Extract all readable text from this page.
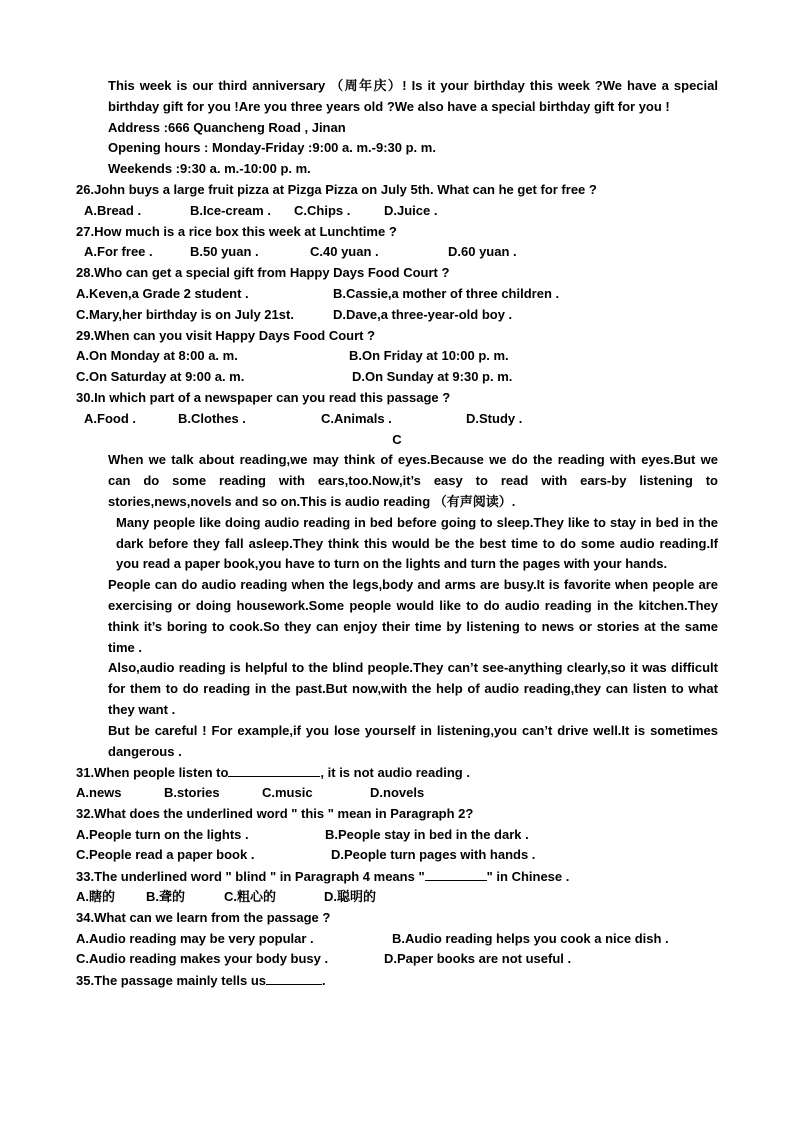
This week is our third anniversary （周年庆）! Is it your birthday this week ?We have a special birthday gift for you !Are you three years old ?We also have a special birthday gift for you !
Address :666 Quancheng Road , Jinan
Opening hours : Monday-Friday :9:00 a. m.-9:30 p. m.
Weekends :9:30 a. m.-10:00 p. m.
26.John buys a large fruit pizza at Pizga Pizza on July 5th. What can he get for free ?
A.Bread .	B.Ice-cream . C.Chips .	D.Juice .
27.How much is a rice box this week at Lunchtime ?
A.For free .	B.50 yuan .	C.40 yuan .	D.60 yuan .
28.Who can get a special gift from Happy Days Food Court ?
A.Keven,a Grade 2 student .	B.Cassie,a mother of three children .
C.Mary,her birthday is on July 21st.	D.Dave,a three-year-old boy .
29.When can you visit Happy Days Food Court ?
A.On Monday at 8:00 a. m.	B.On Friday at 10:00 p. m.
C.On Saturday at 9:00 a. m.	D.On Sunday at 9:30 p. m.
30.In which part of a newspaper can you read this passage ?
A.Food .	B.Clothes .	C.Animals .	D.Study .
C
When we talk about reading,we may think of eyes.Because we do the reading with eyes.But we can do some reading with ears,too.Now,it’s easy to read with ears-by listening to stories,news,novels and so on.This is audio reading （有声阅读）.
Many people like doing audio reading in bed before going to sleep.They like to stay in bed in the dark before they fall asleep.They think this would be the best time to do some audio reading.If you read a paper book,you have to turn on the lights and turn the pages with your hands.
People can do audio reading when the legs,body and arms are busy.It is favorite when people are exercising or doing housework.Some people would like to do audio reading in the kitchen.They think it’s boring to cook.So they can enjoy their time by listening to news or stories at the same time .
Also,audio reading is helpful to the blind people.They can’t see-anything clearly,so it was difficult for them to do reading in the past.But now,with the help of audio reading,they can listen to what they want .
But be careful ! For example,if you lose yourself in listening,you can’t drive well.It is sometimes dangerous .
31.When people listen to	, it is not audio reading .
A.news	B.stories	C.music	D.novels
32.What does the underlined word " this " mean in Paragraph 2?
A.People turn on the lights .	B.People stay in bed in the dark .
C.People read a paper book .	D.People turn pages with hands .
33.The underlined word " blind " in Paragraph 4 means "	" in Chinese .
A.瞎的 B.聋的	C.粗心的	D.聪明的
34.What can we learn from the passage ?
A.Audio reading may be very popular .	B.Audio reading helps you cook a nice dish .
C.Audio reading makes your body busy .	D.Paper books are not useful .
35.The passage mainly tells us	.
